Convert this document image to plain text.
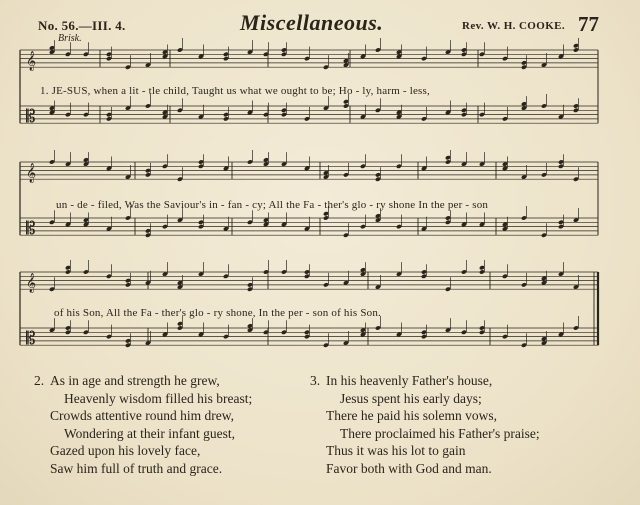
No. 56.—III. 4.
Brisk.
Miscellaneous.	Rev. W. H. COOKE. 77
𝄞
𝄡
𝄞
𝄡
𝄞
𝄡
1. JE-SUS, when a lit - tle child, Taught us what we ought to be; Ho - ly, harm - less,
un - de - filed, Was the Saviour's in - fan - cy; All the Fa - ther's glo - ry shone In the per - son
of his Son, All the Fa - ther's glo - ry shone, In the per - son of his Son.
2. As in age and strength he grew,
Heavenly wisdom filled his breast;
Crowds attentive round him drew,
Wondering at their infant guest,
Gazed upon his lovely face,
Saw him full of truth and grace.
3. In his heavenly Father's house,
Jesus spent his early days;
There he paid his solemn vows,
There proclaimed his Father's praise;
Thus it was his lot to gain
Favor both with God and man.
